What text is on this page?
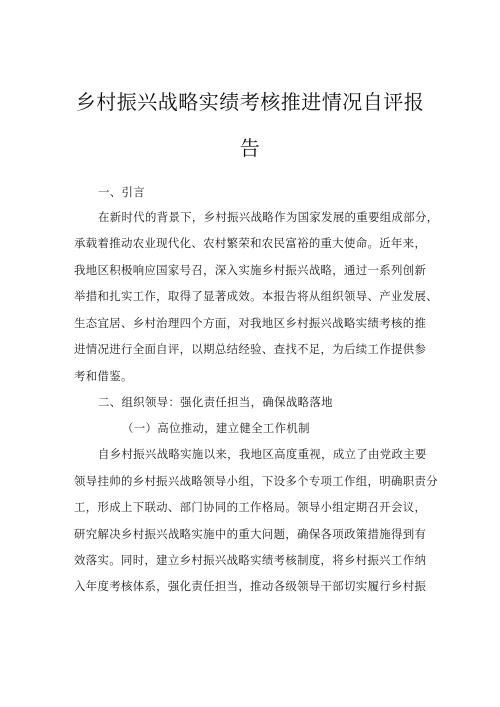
乡村振兴战略实绩考核推进情况自评报
告
一、引言
在新时代的背景下，乡村振兴战略作为国家发展的重要组成部分，
承载着推动农业现代化、农村繁荣和农民富裕的重大使命。近年来，
我地区积极响应国家号召，深入实施乡村振兴战略，通过一系列创新
举措和扎实工作，取得了显著成效。本报告将从组织领导、产业发展、
生态宜居、乡村治理四个方面，对我地区乡村振兴战略实绩考核的推
进情况进行全面自评，以期总结经验、查找不足，为后续工作提供参
考和借鉴。
二、组织领导：强化责任担当，确保战略落地
（一）高位推动，建立健全工作机制
自乡村振兴战略实施以来，我地区高度重视，成立了由党政主要
领导挂帅的乡村振兴战略领导小组，下设多个专项工作组，明确职责分
工，形成上下联动、部门协同的工作格局。领导小组定期召开会议，
研究解决乡村振兴战略实施中的重大问题，确保各项政策措施得到有
效落实。同时，建立乡村振兴战略实绩考核制度，将乡村振兴工作纳
入年度考核体系，强化责任担当，推动各级领导干部切实履行乡村振
